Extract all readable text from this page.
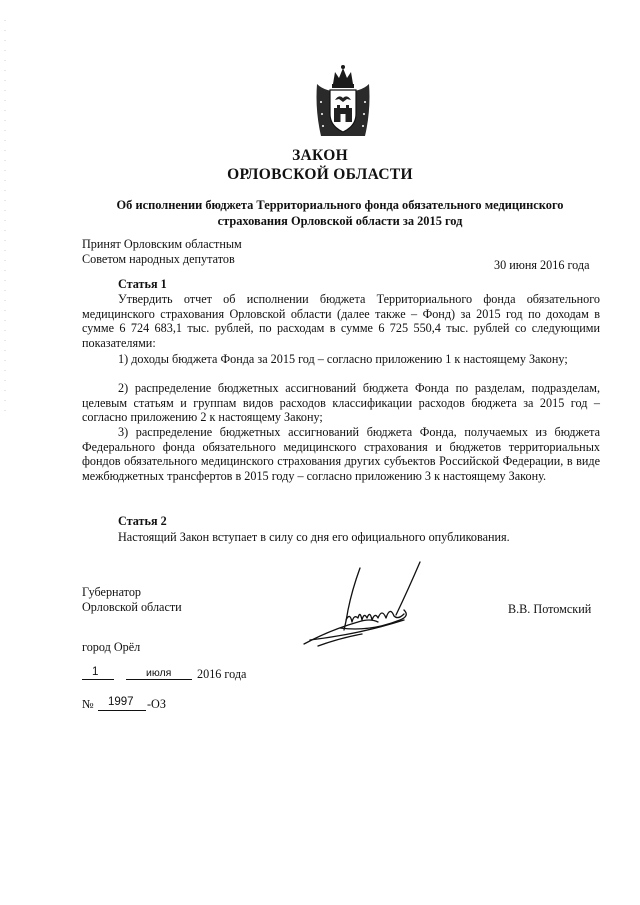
ЗАКОН
ОРЛОВСКОЙ ОБЛАСТИ
Об исполнении бюджета Территориального фонда обязательного медицинского
страхования Орловской области за 2015 год
Принят Орловским областным
Советом народных депутатов	30 июня 2016 года
Статья 1
Утвердить отчет об исполнении бюджета Территориального фонда обязательного медицинского страхования Орловской области (далее также – Фонд) за 2015 год по доходам в сумме 6 724 683,1 тыс. рублей, по расходам в сумме 6 725 550,4 тыс. рублей со следующими показателями:
1) доходы бюджета Фонда за 2015 год – согласно приложению 1 к настоящему Закону;
2) распределение бюджетных ассигнований бюджета Фонда по разделам, подразделам, целевым статьям и группам видов расходов классификации расходов бюджета за 2015 год – согласно приложению 2 к настоящему Закону;
3) распределение бюджетных ассигнований бюджета Фонда, получаемых из бюджета Федерального фонда обязательного медицинского страхования и бюджетов территориальных фондов обязательного медицинского страхования других субъектов Российской Федерации, в виде межбюджетных трансфертов в 2015 году – согласно приложению 3 к настоящему Закону.
Статья 2
Настоящий Закон вступает в силу со дня его официального опубликования.
Губернатор
Орловской области	В.В. Потомский
город Орёл
1	июля 2016 года
№ 1997 -ОЗ
